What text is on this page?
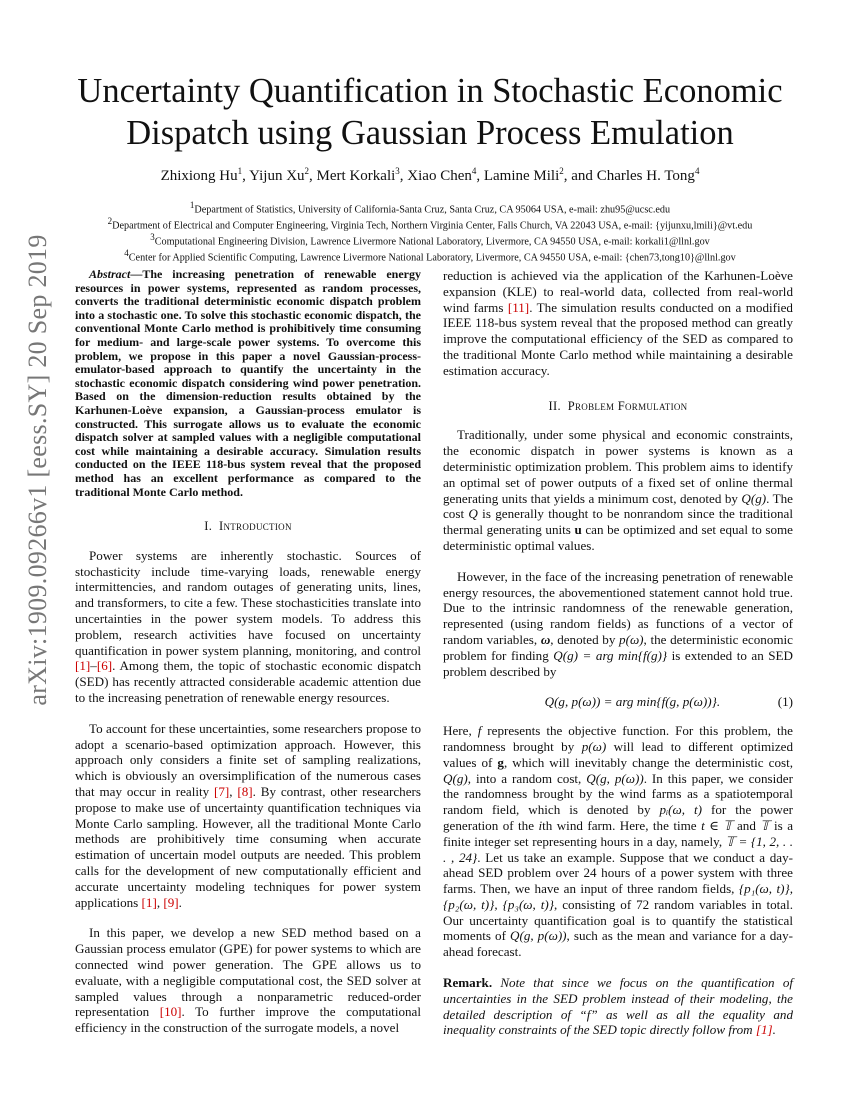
arXiv:1909.09266v1 [eess.SY] 20 Sep 2019
Uncertainty Quantification in Stochastic Economic
Dispatch using Gaussian Process Emulation
Zhixiong Hu$^1$, Yijun Xu$^2$, Mert Korkali$^3$, Xiao Chen$^4$, Lamine Mili$^2$, and Charles H. Tong$^4$
$^1$Department of Statistics, University of California-Santa Cruz, Santa Cruz, CA 95064 USA, e-mail: zhu95@ucsc.edu
$^2$Department of Electrical and Computer Engineering, Virginia Tech, Northern Virginia Center, Falls Church, VA 22043 USA, e-mail: {yijunxu,lmili}@vt.edu
$^3$Computational Engineering Division, Lawrence Livermore National Laboratory, Livermore, CA 94550 USA, e-mail: korkali1@llnl.gov
$^4$Center for Applied Scientific Computing, Lawrence Livermore National Laboratory, Livermore, CA 94550 USA, e-mail: {chen73,tong10}@llnl.gov

Abstract—The increasing penetration of renewable energy resources in power systems, represented as random processes, converts the traditional deterministic economic dispatch problem into a stochastic one. To solve this stochastic economic dispatch, the conventional Monte Carlo method is prohibitively time consuming for medium- and large-scale power systems. To overcome this problem, we propose in this paper a novel Gaussian-process-emulator-based approach to quantify the uncertainty in the stochastic economic dispatch considering wind power penetration. Based on the dimension-reduction results obtained by the Karhunen-Loève expansion, a Gaussian-process emulator is constructed. This surrogate allows us to evaluate the economic dispatch solver at sampled values with a negligible computational cost while maintaining a desirable accuracy. Simulation results conducted on the IEEE 118-bus system reveal that the proposed method has an excellent performance as compared to the traditional Monte Carlo method.

I. Introduction

Power systems are inherently stochastic. Sources of stochasticity include time-varying loads, renewable energy intermittencies, and random outages of generating units, lines, and transformers, to cite a few. These stochasticities translate into uncertainties in the power system models. To address this problem, research activities have focused on uncertainty quantification in power system planning, monitoring, and control [1]–[6]. Among them, the topic of stochastic economic dispatch (SED) has recently attracted considerable academic attention due to the increasing penetration of renewable energy resources.

To account for these uncertainties, some researchers propose to adopt a scenario-based optimization approach. However, this approach only considers a finite set of sampling realizations, which is obviously an oversimplification of the numerous cases that may occur in reality [7], [8]. By contrast, other researchers propose to make use of uncertainty quantification techniques via Monte Carlo sampling. However, all the traditional Monte Carlo methods are prohibitively time consuming when accurate estimation of uncertain model outputs are needed. This problem calls for the development of new computationally efficient and accurate uncertainty modeling techniques for power system applications [1], [9].

In this paper, we develop a new SED method based on a Gaussian process emulator (GPE) for power systems to which are connected wind power generation. The GPE allows us to evaluate, with a negligible computational cost, the SED solver at sampled values through a nonparametric reduced-order representation [10]. To further improve the computational efficiency in the construction of the surrogate models, a novel

reduction is achieved via the application of the Karhunen-Loève expansion (KLE) to real-world data, collected from real-world wind farms [11]. The simulation results conducted on a modified IEEE 118-bus system reveal that the proposed method can greatly improve the computational efficiency of the SED as compared to the traditional Monte Carlo method while maintaining a desirable estimation accuracy.

II. Problem Formulation

Traditionally, under some physical and economic constraints, the economic dispatch in power systems is known as a deterministic optimization problem. This problem aims to identify an optimal set of power outputs of a fixed set of online thermal generating units that yields a minimum cost, denoted by Q(g). The cost Q is generally thought to be nonrandom since the traditional thermal generating units u can be optimized and set equal to some deterministic optimal values.

However, in the face of the increasing penetration of renewable energy resources, the abovementioned statement cannot hold true. Due to the intrinsic randomness of the renewable generation, represented (using random fields) as functions of a vector of random variables, ω, denoted by p(ω), the deterministic economic problem for finding Q(g) = arg min{f(g)} is extended to an SED problem described by

Q(g, p(ω)) = arg min{f(g, p(ω))}.	(1)

Here, f represents the objective function. For this problem, the randomness brought by p(ω) will lead to different optimized values of g, which will inevitably change the deterministic cost, Q(g), into a random cost, Q(g, p(ω)). In this paper, we consider the randomness brought by the wind farms as a spatiotemporal random field, which is denoted by pᵢ(ω, t) for the power generation of the ith wind farm. Here, the time t ∈ 𝕋 and 𝕋 is a finite integer set representing hours in a day, namely, 𝕋 = {1, 2, . . . , 24}. Let us take an example. Suppose that we conduct a day-ahead SED problem over 24 hours of a power system with three farms. Then, we have an input of three random fields, {p₁(ω, t)}, {p₂(ω, t)}, {p₃(ω, t)}, consisting of 72 random variables in total. Our uncertainty quantification goal is to quantify the statistical moments of Q(g, p(ω)), such as the mean and variance for a day-ahead forecast.

Remark. Note that since we focus on the quantification of uncertainties in the SED problem instead of their modeling, the detailed description of “f” as well as all the equality and inequality constraints of the SED topic directly follow from [1].
